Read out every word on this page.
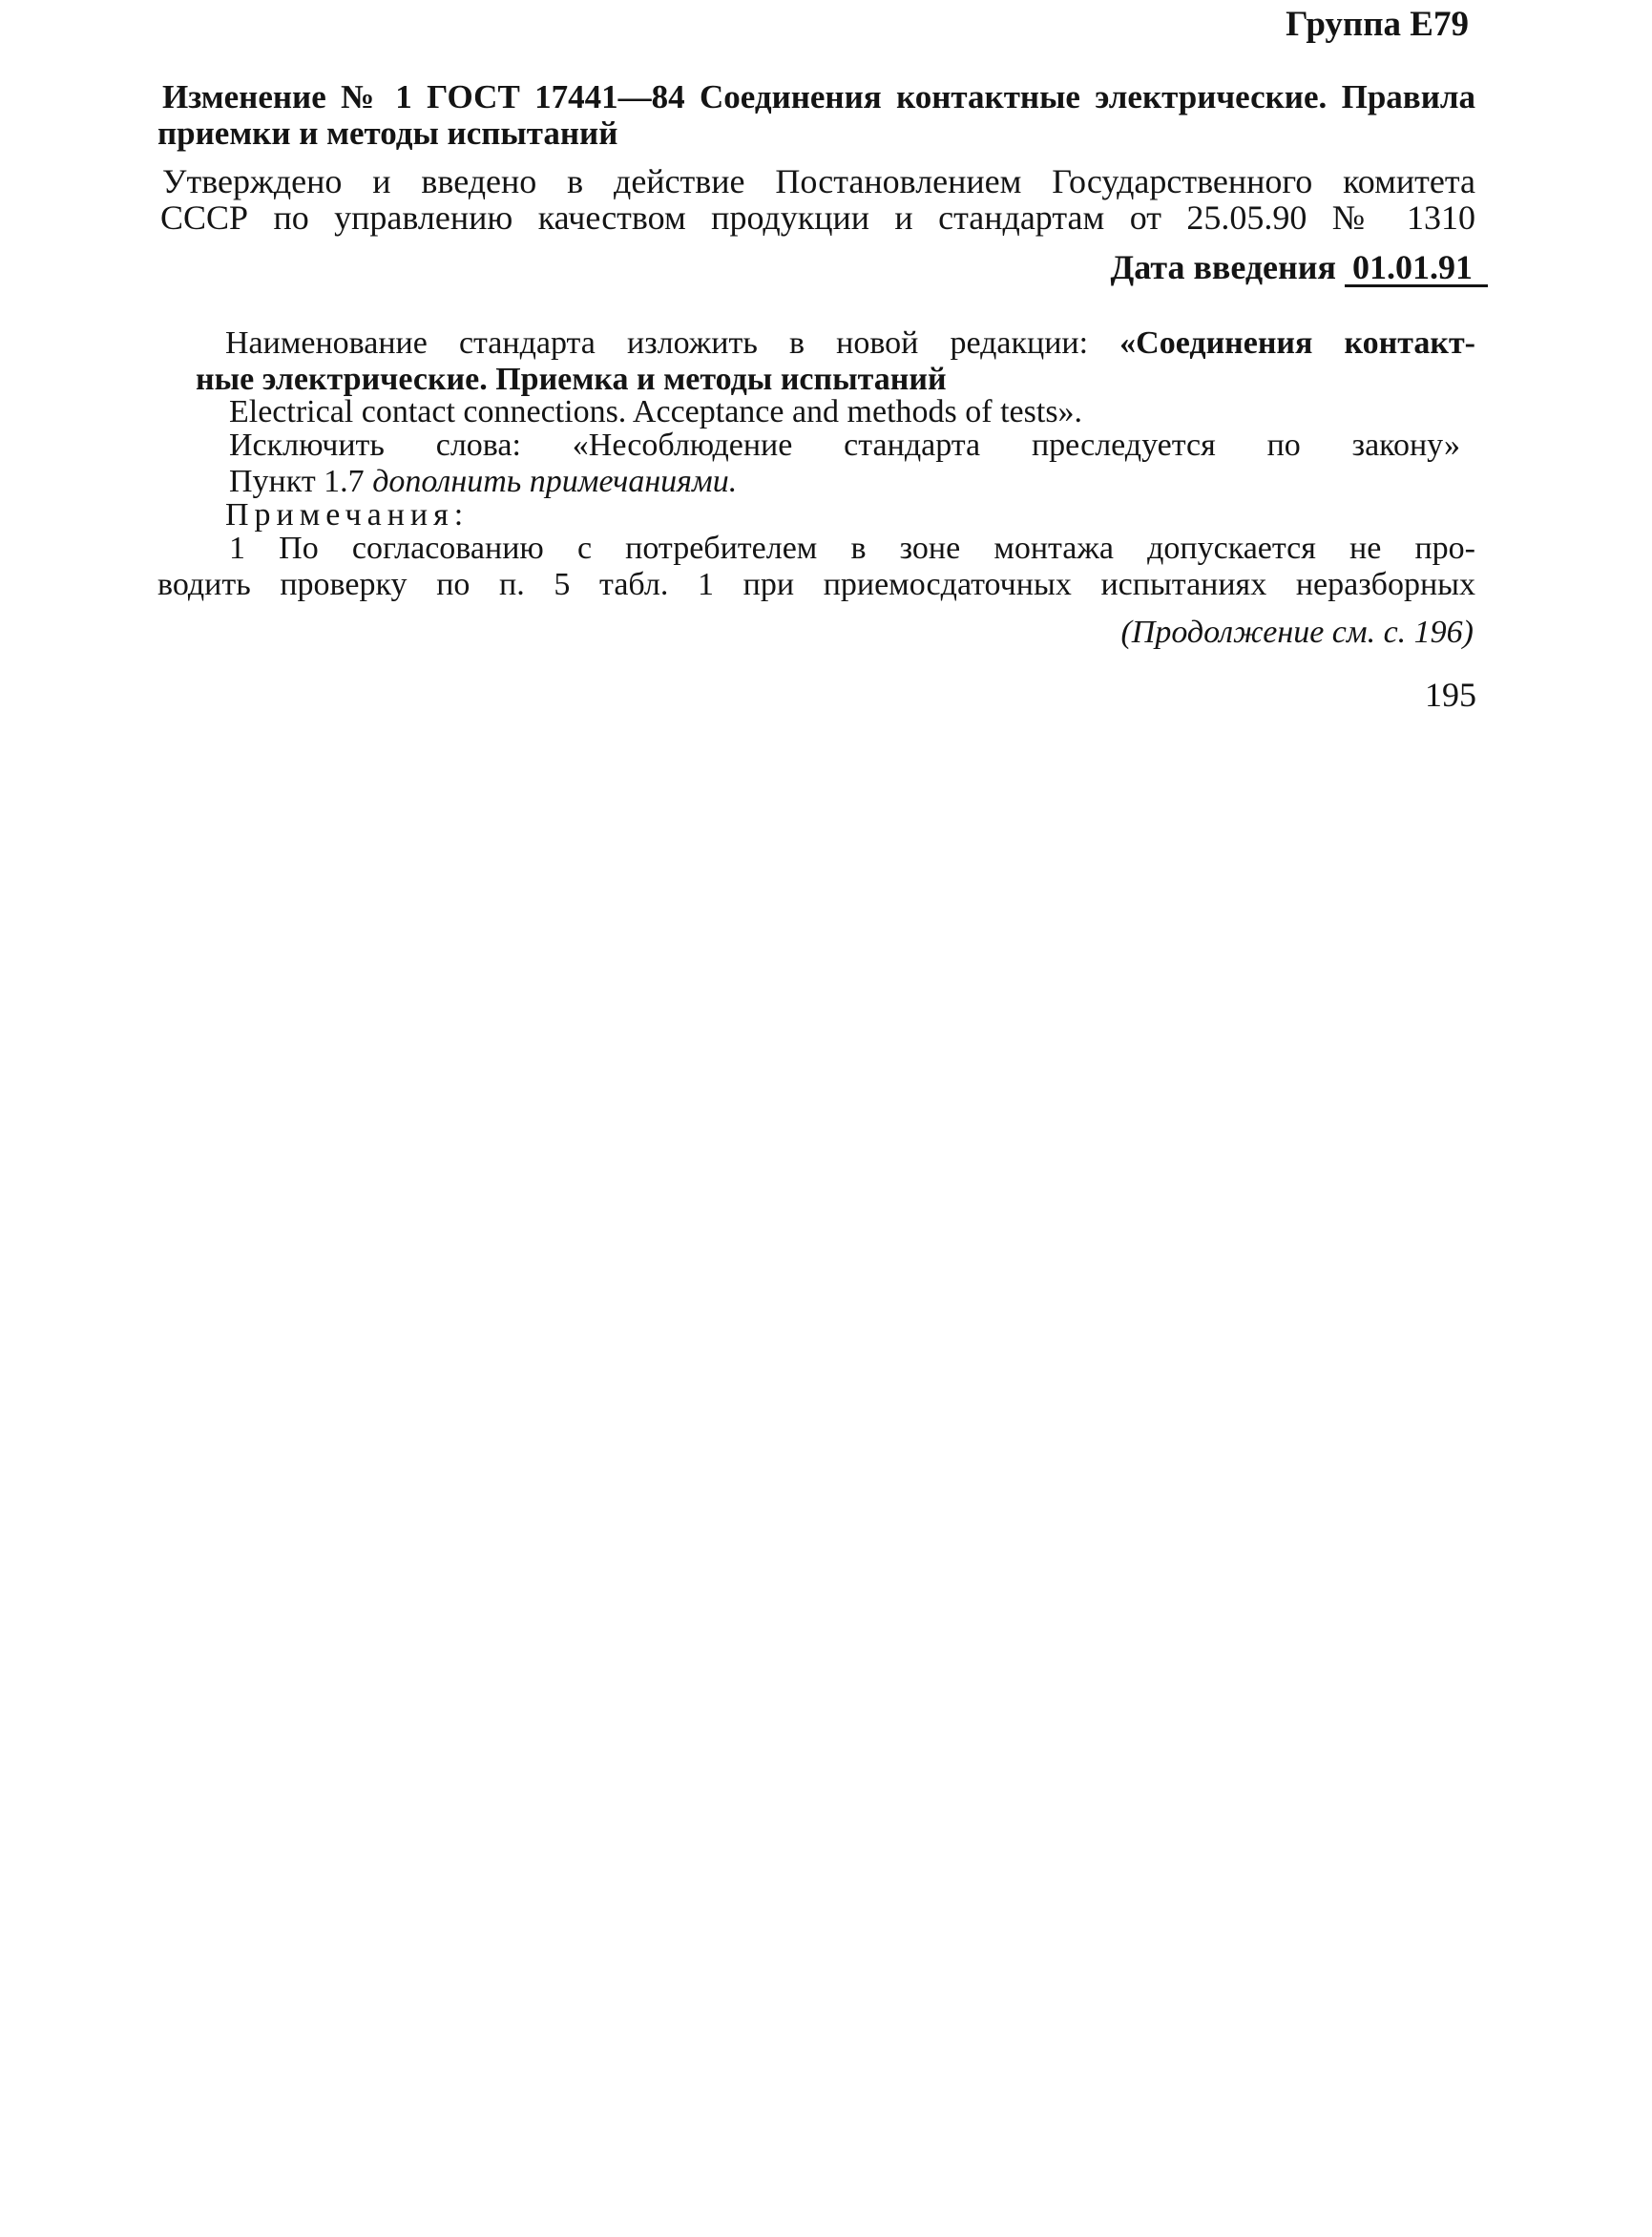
Группа Е79
Изменение № 1 ГОСТ 17441—84 Соединения контактные электрические. Правила
приемки и методы испытаний
Утверждено и введено в действие Постановлением Государственного комитета
СССР по управлению качеством продукции и стандартам от 25.05.90 № 1310
Дата введения 01.01.91
Наименование стандарта изложить в новой редакции: «Соединения контакт-
ные электрические. Приемка и методы испытаний
Electrical contact connections. Acceptance and methods of tests».
Исключить слова: «Несоблюдение стандарта преследуется по закону»
Пункт 1.7 дополнить примечаниями.
Примечания:
1 По согласованию с потребителем в зоне монтажа допускается не про-
водить проверку по п. 5 табл. 1 при приемосдаточных испытаниях неразборных
(Продолжение см. с. 196)
195
